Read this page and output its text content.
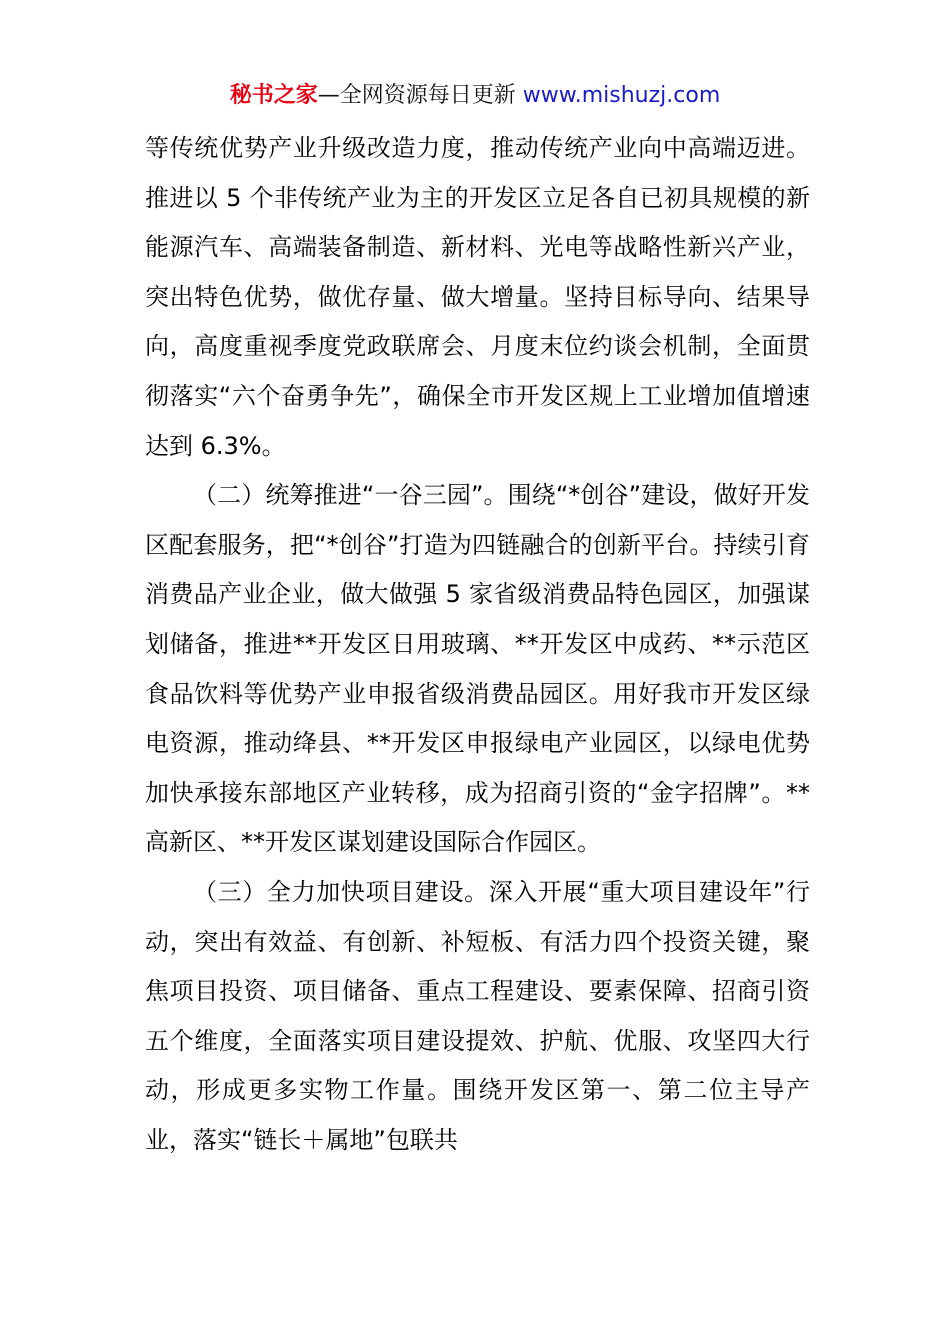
秘书之家—全网资源每日更新 www.mishuzj.com

等传统优势产业升级改造力度，推动传统产业向中高端迈进。推进以 5 个非传统产业为主的开发区立足各自已初具规模的新能源汽车、高端装备制造、新材料、光电等战略性新兴产业，突出特色优势，做优存量、做大增量。坚持目标导向、结果导向，高度重视季度党政联席会、月度末位约谈会机制，全面贯彻落实“六个奋勇争先”，确保全市开发区规上工业增加值增速达到 6.3%。

（二）统筹推进“一谷三园”。围绕“*创谷”建设，做好开发区配套服务，把“*创谷”打造为四链融合的创新平台。持续引育消费品产业企业，做大做强 5 家省级消费品特色园区，加强谋划储备，推进**开发区日用玻璃、**开发区中成药、**示范区食品饮料等优势产业申报省级消费品园区。用好我市开发区绿电资源，推动绛县、**开发区申报绿电产业园区，以绿电优势加快承接东部地区产业转移，成为招商引资的“金字招牌”。**高新区、**开发区谋划建设国际合作园区。

（三）全力加快项目建设。深入开展“重大项目建设年”行动，突出有效益、有创新、补短板、有活力四个投资关键，聚焦项目投资、项目储备、重点工程建设、要素保障、招商引资五个维度，全面落实项目建设提效、护航、优服、攻坚四大行动，形成更多实物工作量。围绕开发区第一、第二位主导产业，落实“链长＋属地”包联共
